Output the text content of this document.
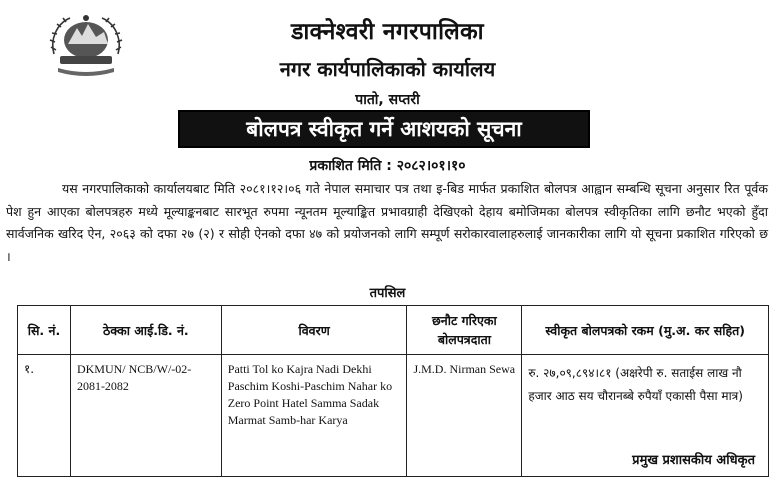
डाक्नेश्वरी नगरपालिका
नगर कार्यपालिकाको कार्यालय
पातो, सप्तरी
बोलपत्र स्वीकृत गर्ने आशयको सूचना
प्रकाशित मिति : २०८२।०१।१०
यस नगरपालिकाको कार्यालयबाट मिति २०८१।१२।०६ गते नेपाल समाचार पत्र तथा इ-बिड मार्फत प्रकाशित बोलपत्र आह्वान सम्बन्धि सूचना अनुसार रित पूर्वक पेश हुन आएका बोलपत्रहरु मध्ये मूल्याङ्कनबाट सारभूत रुपमा न्यूनतम मूल्याङ्कित प्रभावग्राही देखिएको देहाय बमोजिमका बोलपत्र स्वीकृतिका लागि छनौट भएको हुँदा सार्वजनिक खरिद ऐन, २०६३ को दफा २७ (२) र सोही ऐनको दफा ४७ को प्रयोजनको लागि सम्पूर्ण सरोकारवालाहरुलाई जानकारीका लागि यो सूचना प्रकाशित गरिएको छ ।
तपसिल
सि. नं.	ठेक्का आई.डि. नं.	विवरण	छनौट गरिएका बोलपत्रदाता	स्वीकृत बोलपत्रको रकम (मु.अ. कर सहित)
१.	DKMUN/ NCB/W/-02-2081-2082	Patti Tol ko Kajra Nadi Dekhi Paschim Koshi-Paschim Nahar ko Zero Point Hatel Samma Sadak Marmat Samb-har Karya	J.M.D. Nirman Sewa	रु. २७,०९,८९४।८१ (अक्षरेपी रु. सताईस लाख नौ हजार आठ सय चौरानब्बे रुपैयाँ एकासी पैसा मात्र)
प्रमुख प्रशासकीय अधिकृत
